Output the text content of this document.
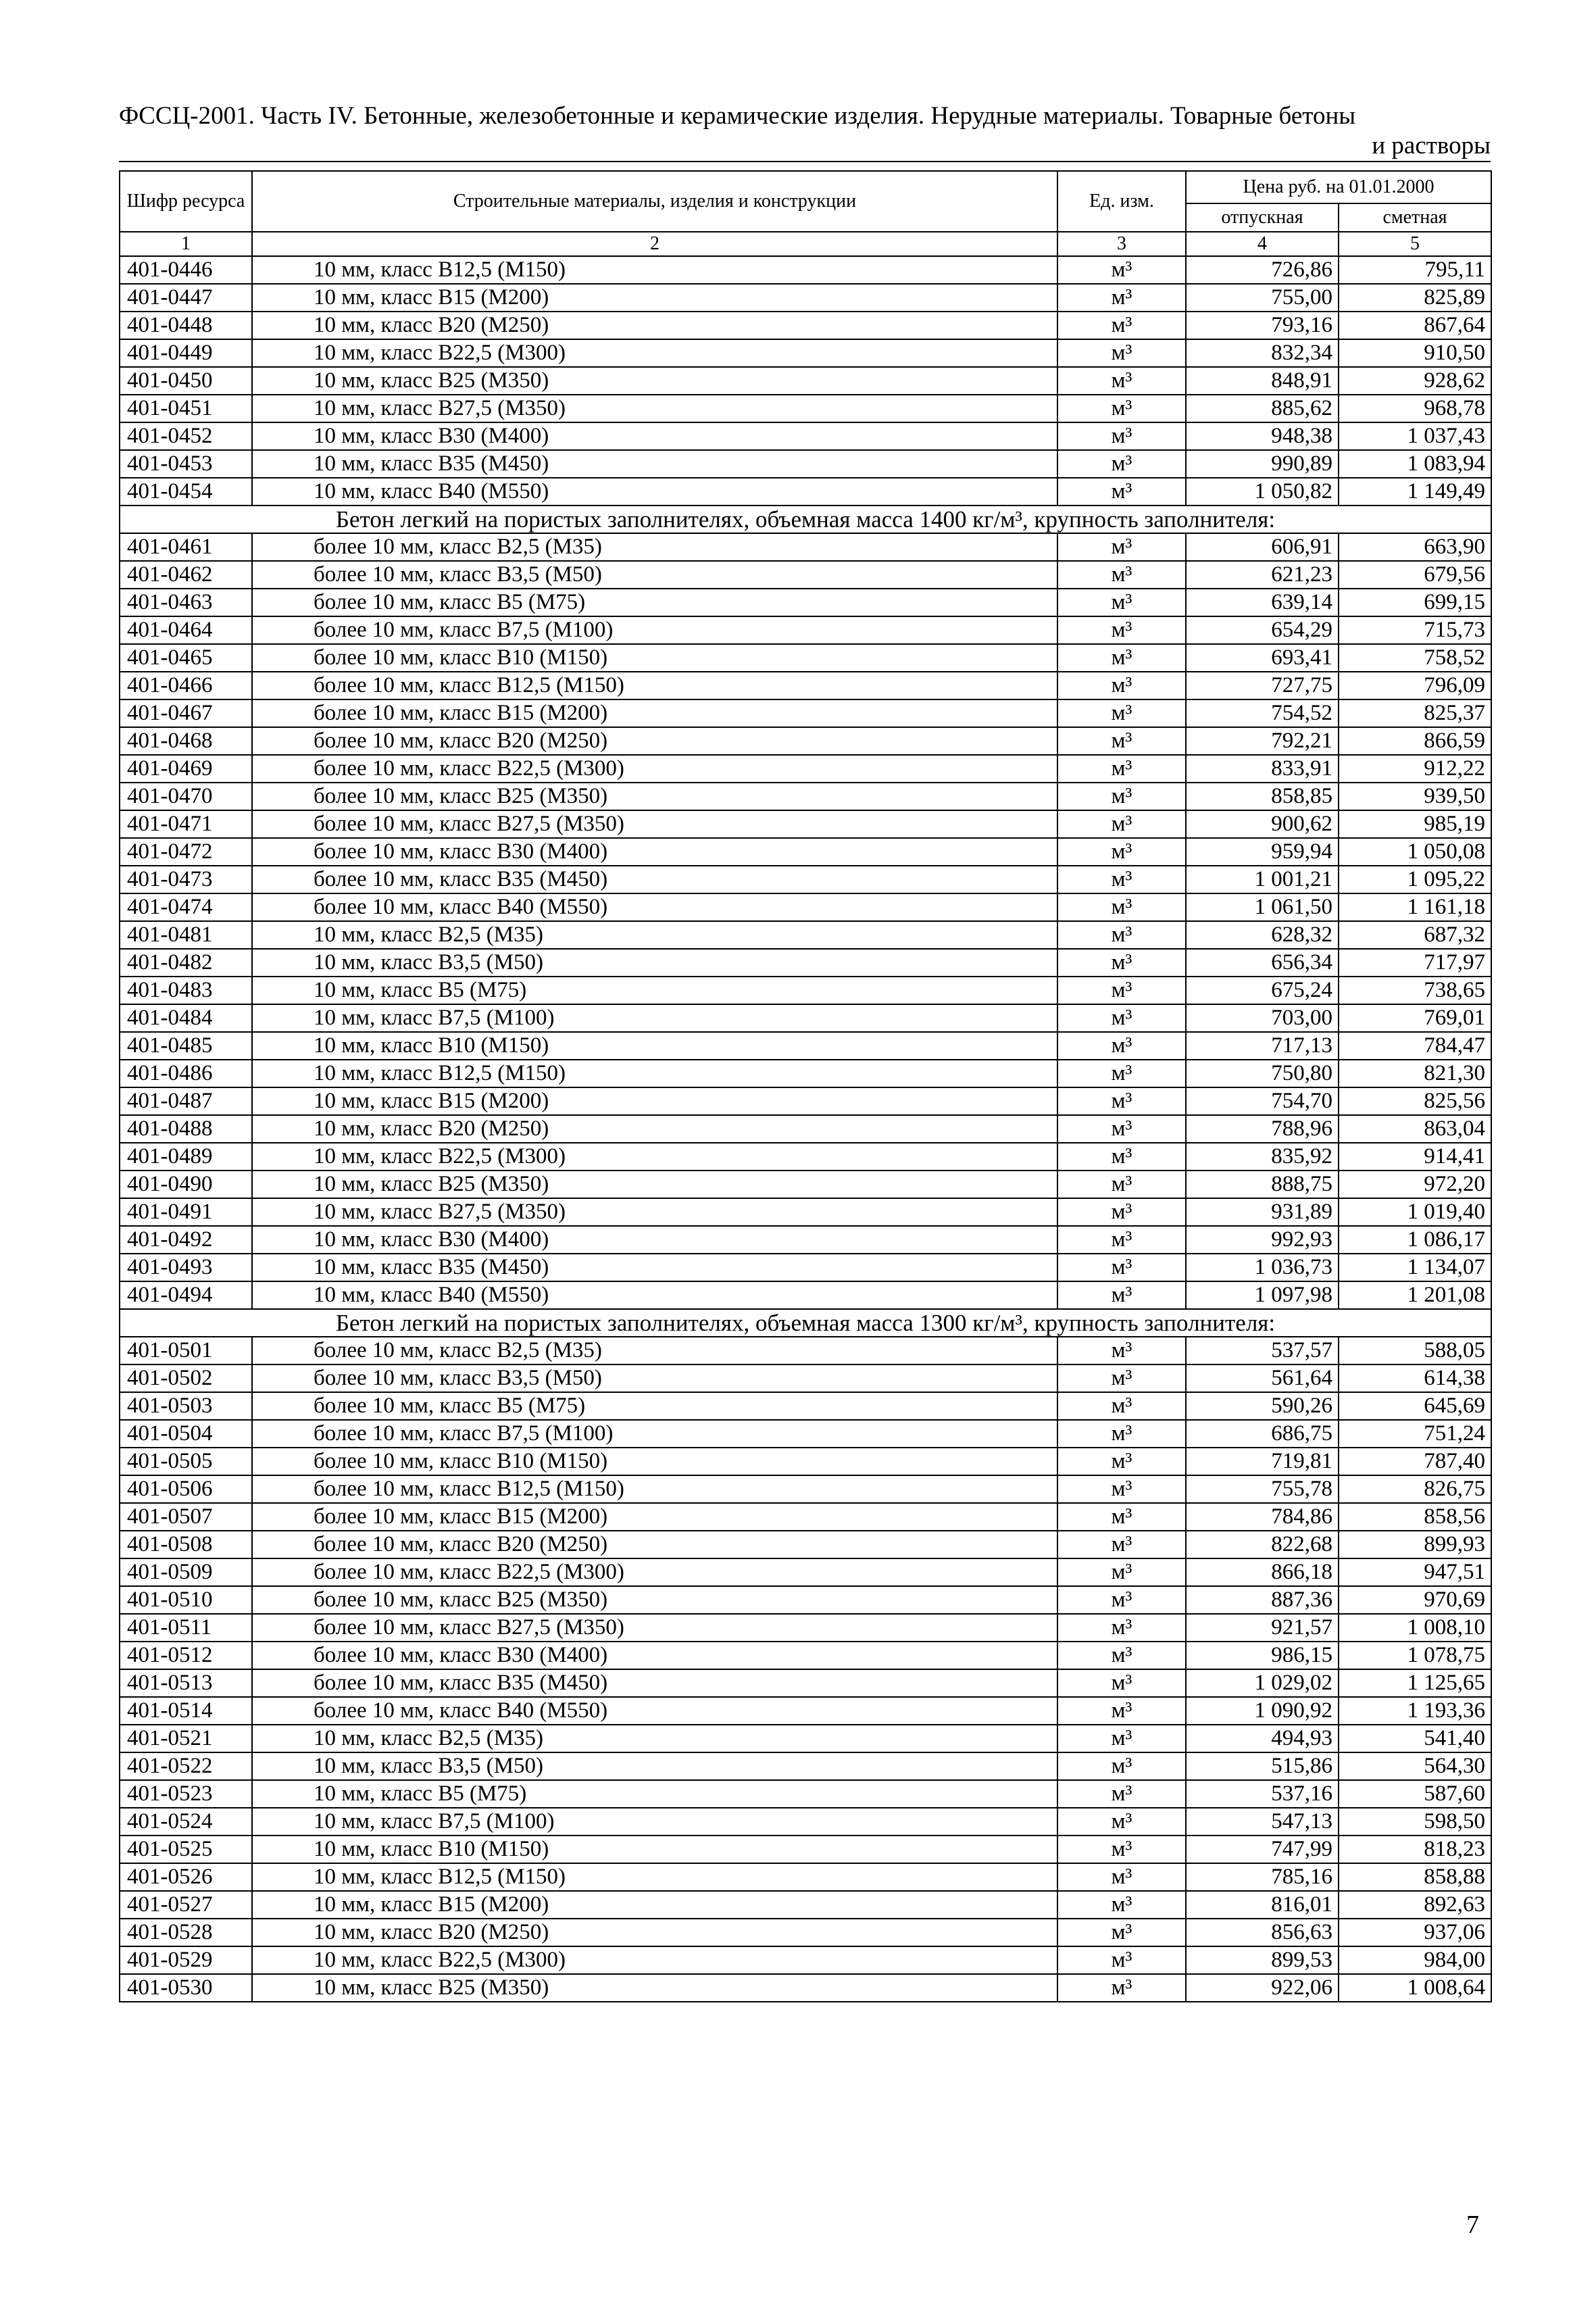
ФССЦ-2001. Часть IV. Бетонные, железобетонные и керамические изделия. Нерудные материалы. Товарные бетоны
и растворы
Шифр ресурса	Строительные материалы, изделия и конструкции	Ед. изм.	Цена руб. на 01.01.2000	
			отпускная	сметная
1	2	3	4	5
401-0446	10 мм, класс В12,5 (М150)	м³	726,86	795,11
401-0447	10 мм, класс В15 (М200)	м³	755,00	825,89
401-0448	10 мм, класс В20 (М250)	м³	793,16	867,64
401-0449	10 мм, класс В22,5 (М300)	м³	832,34	910,50
401-0450	10 мм, класс В25 (М350)	м³	848,91	928,62
401-0451	10 мм, класс В27,5 (М350)	м³	885,62	968,78
401-0452	10 мм, класс В30 (М400)	м³	948,38	1 037,43
401-0453	10 мм, класс В35 (М450)	м³	990,89	1 083,94
401-0454	10 мм, класс В40 (М550)	м³	1 050,82	1 149,49
Бетон легкий на пористых заполнителях, объемная масса 1400 кг/м³, крупность заполнителя:				
401-0461	более 10 мм, класс В2,5 (М35)	м³	606,91	663,90
401-0462	более 10 мм, класс В3,5 (М50)	м³	621,23	679,56
401-0463	более 10 мм, класс В5 (М75)	м³	639,14	699,15
401-0464	более 10 мм, класс В7,5 (М100)	м³	654,29	715,73
401-0465	более 10 мм, класс В10 (М150)	м³	693,41	758,52
401-0466	более 10 мм, класс В12,5 (М150)	м³	727,75	796,09
401-0467	более 10 мм, класс В15 (М200)	м³	754,52	825,37
401-0468	более 10 мм, класс В20 (М250)	м³	792,21	866,59
401-0469	более 10 мм, класс В22,5 (М300)	м³	833,91	912,22
401-0470	более 10 мм, класс В25 (М350)	м³	858,85	939,50
401-0471	более 10 мм, класс В27,5 (М350)	м³	900,62	985,19
401-0472	более 10 мм, класс В30 (М400)	м³	959,94	1 050,08
401-0473	более 10 мм, класс В35 (М450)	м³	1 001,21	1 095,22
401-0474	более 10 мм, класс В40 (М550)	м³	1 061,50	1 161,18
401-0481	10 мм, класс В2,5 (М35)	м³	628,32	687,32
401-0482	10 мм, класс В3,5 (М50)	м³	656,34	717,97
401-0483	10 мм, класс В5 (М75)	м³	675,24	738,65
401-0484	10 мм, класс В7,5 (М100)	м³	703,00	769,01
401-0485	10 мм, класс В10 (М150)	м³	717,13	784,47
401-0486	10 мм, класс В12,5 (М150)	м³	750,80	821,30
401-0487	10 мм, класс В15 (М200)	м³	754,70	825,56
401-0488	10 мм, класс В20 (М250)	м³	788,96	863,04
401-0489	10 мм, класс В22,5 (М300)	м³	835,92	914,41
401-0490	10 мм, класс В25 (М350)	м³	888,75	972,20
401-0491	10 мм, класс В27,5 (М350)	м³	931,89	1 019,40
401-0492	10 мм, класс В30 (М400)	м³	992,93	1 086,17
401-0493	10 мм, класс В35 (М450)	м³	1 036,73	1 134,07
401-0494	10 мм, класс В40 (М550)	м³	1 097,98	1 201,08
Бетон легкий на пористых заполнителях, объемная масса 1300 кг/м³, крупность заполнителя:				
401-0501	более 10 мм, класс В2,5 (М35)	м³	537,57	588,05
401-0502	более 10 мм, класс В3,5 (М50)	м³	561,64	614,38
401-0503	более 10 мм, класс В5 (М75)	м³	590,26	645,69
401-0504	более 10 мм, класс В7,5 (М100)	м³	686,75	751,24
401-0505	более 10 мм, класс В10 (М150)	м³	719,81	787,40
401-0506	более 10 мм, класс В12,5 (М150)	м³	755,78	826,75
401-0507	более 10 мм, класс В15 (М200)	м³	784,86	858,56
401-0508	более 10 мм, класс В20 (М250)	м³	822,68	899,93
401-0509	более 10 мм, класс В22,5 (М300)	м³	866,18	947,51
401-0510	более 10 мм, класс В25 (М350)	м³	887,36	970,69
401-0511	более 10 мм, класс В27,5 (М350)	м³	921,57	1 008,10
401-0512	более 10 мм, класс В30 (М400)	м³	986,15	1 078,75
401-0513	более 10 мм, класс В35 (М450)	м³	1 029,02	1 125,65
401-0514	более 10 мм, класс В40 (М550)	м³	1 090,92	1 193,36
401-0521	10 мм, класс В2,5 (М35)	м³	494,93	541,40
401-0522	10 мм, класс В3,5 (М50)	м³	515,86	564,30
401-0523	10 мм, класс В5 (М75)	м³	537,16	587,60
401-0524	10 мм, класс В7,5 (М100)	м³	547,13	598,50
401-0525	10 мм, класс В10 (М150)	м³	747,99	818,23
401-0526	10 мм, класс В12,5 (М150)	м³	785,16	858,88
401-0527	10 мм, класс В15 (М200)	м³	816,01	892,63
401-0528	10 мм, класс В20 (М250)	м³	856,63	937,06
401-0529	10 мм, класс В22,5 (М300)	м³	899,53	984,00
401-0530	10 мм, класс В25 (М350)	м³	922,06	1 008,64
7
